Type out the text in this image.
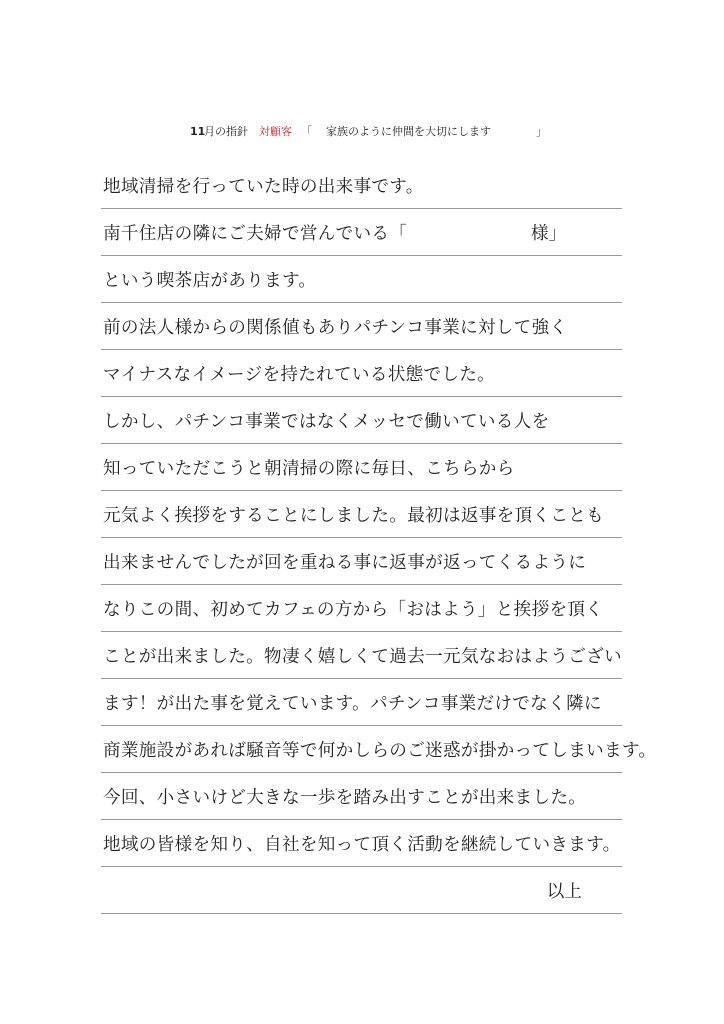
11
月の指針 対顧客 「 家族のように仲間を大切にします	」
地域清掃を行っていた時の出来事です。
南千住店の隣にご夫婦で営んでいる「	様」
という喫茶店があります。
前の法人様からの関係値もありパチンコ事業に対して強く
マイナスなイメージを持たれている状態でした。
しかし、パチンコ事業ではなくメッセで働いている人を
知っていただこうと朝清掃の際に毎日、こちらから
元気よく挨拶をすることにしました。最初は返事を頂くことも
出来ませんでしたが回を重ねる事に返事が返ってくるように
なりこの間、初めてカフェの方から「おはよう」と挨拶を頂く
ことが出来ました。物凄く嬉しくて過去一元気なおはようござい
ます！が出た事を覚えています。パチンコ事業だけでなく隣に
商業施設があれば騒音等で何かしらのご迷惑が掛かってしまいます。
今回、小さいけど大きな一歩を踏み出すことが出来ました。
地域の皆様を知り、自社を知って頂く活動を継続していきます。
以上
